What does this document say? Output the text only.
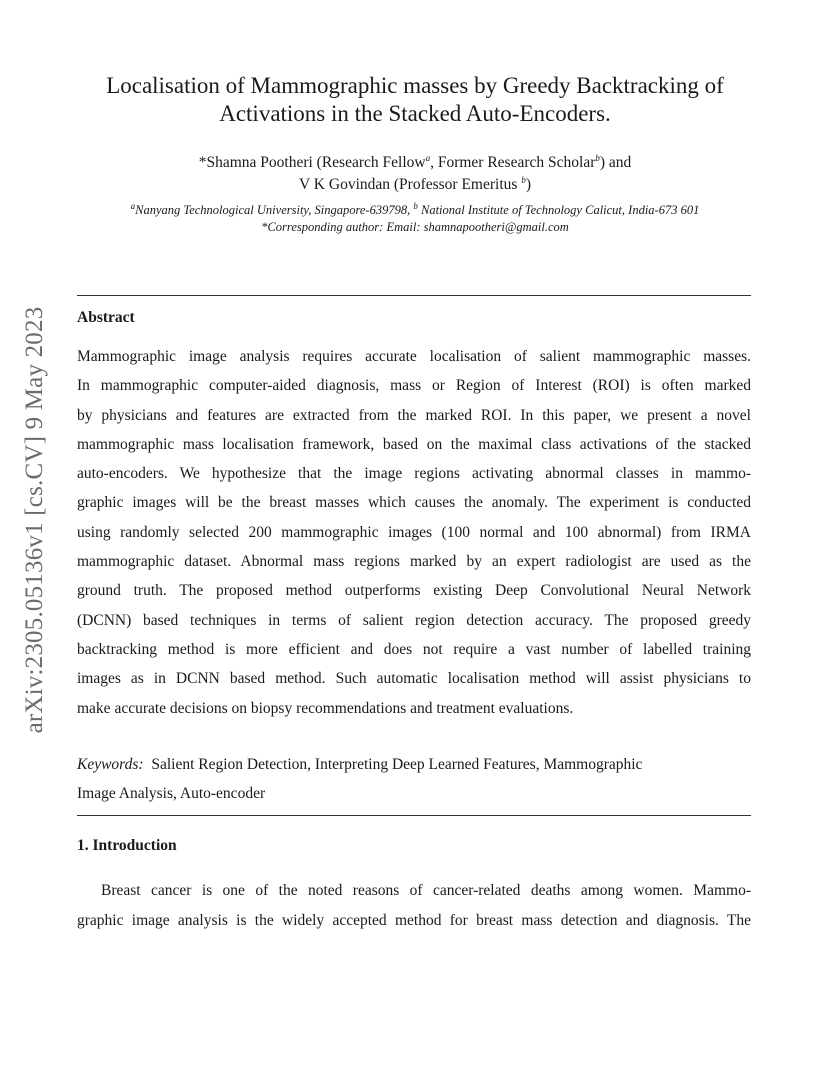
arXiv:2305.05136v1 [cs.CV] 9 May 2023
Localisation of Mammographic masses by Greedy Backtracking of
Activations in the Stacked Auto-Encoders.
*Shamna Pootheri (Research Fellow$^a$, Former Research Scholar$^b$) and
V K Govindan (Professor Emeritus $^b$)
$^a$Nanyang Technological University, Singapore-639798, $^b$ National Institute of Technology Calicut, India-673 601
*Corresponding author: Email: shamnapootheri@gmail.com
Abstract
Mammographic image analysis requires accurate localisation of salient mammographic masses.
In mammographic computer-aided diagnosis, mass or Region of Interest (ROI) is often marked
by physicians and features are extracted from the marked ROI. In this paper, we present a novel
mammographic mass localisation framework, based on the maximal class activations of the stacked
auto-encoders. We hypothesize that the image regions activating abnormal classes in mammo-
graphic images will be the breast masses which causes the anomaly. The experiment is conducted
using randomly selected 200 mammographic images (100 normal and 100 abnormal) from IRMA
mammographic dataset. Abnormal mass regions marked by an expert radiologist are used as the
ground truth. The proposed method outperforms existing Deep Convolutional Neural Network
(DCNN) based techniques in terms of salient region detection accuracy. The proposed greedy
backtracking method is more efficient and does not require a vast number of labelled training
images as in DCNN based method. Such automatic localisation method will assist physicians to
make accurate decisions on biopsy recommendations and treatment evaluations.
Keywords: Salient Region Detection, Interpreting Deep Learned Features, Mammographic
Image Analysis, Auto-encoder
1. Introduction
Breast cancer is one of the noted reasons of cancer-related deaths among women. Mammo-
graphic image analysis is the widely accepted method for breast mass detection and diagnosis. The
